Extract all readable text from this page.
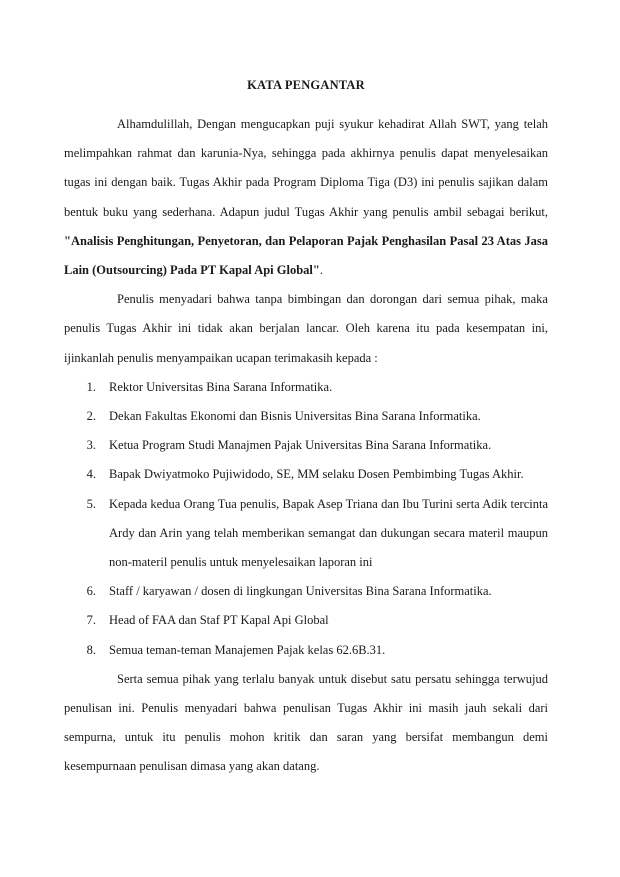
KATA PENGANTAR

Alhamdulillah, Dengan mengucapkan puji syukur kehadirat Allah SWT, yang telah melimpahkan rahmat dan karunia-Nya, sehingga pada akhirnya penulis dapat menyelesaikan tugas ini dengan baik. Tugas Akhir pada Program Diploma Tiga (D3) ini penulis sajikan dalam bentuk buku yang sederhana. Adapun judul Tugas Akhir yang penulis ambil sebagai berikut, "Analisis Penghitungan, Penyetoran, dan Pelaporan Pajak Penghasilan Pasal 23 Atas Jasa Lain (Outsourcing) Pada PT Kapal Api Global".

Penulis menyadari bahwa tanpa bimbingan dan dorongan dari semua pihak, maka penulis Tugas Akhir ini tidak akan berjalan lancar. Oleh karena itu pada kesempatan ini, ijinkanlah penulis menyampaikan ucapan terimakasih kepada :

1. Rektor Universitas Bina Sarana Informatika.
2. Dekan Fakultas Ekonomi dan Bisnis Universitas Bina Sarana Informatika.
3. Ketua Program Studi Manajmen Pajak Universitas Bina Sarana Informatika.
4. Bapak Dwiyatmoko Pujiwidodo, SE, MM selaku Dosen Pembimbing Tugas Akhir.
5. Kepada kedua Orang Tua penulis, Bapak Asep Triana dan Ibu Turini serta Adik tercinta Ardy dan Arin yang telah memberikan semangat dan dukungan secara materil maupun non-materil penulis untuk menyelesaikan laporan ini
6. Staff / karyawan / dosen di lingkungan Universitas Bina Sarana Informatika.
7. Head of FAA dan Staf PT Kapal Api Global
8. Semua teman-teman Manajemen Pajak kelas 62.6B.31.

Serta semua pihak yang terlalu banyak untuk disebut satu persatu sehingga terwujud penulisan ini. Penulis menyadari bahwa penulisan Tugas Akhir ini masih jauh sekali dari sempurna, untuk itu penulis mohon kritik dan saran yang bersifat membangun demi kesempurnaan penulisan dimasa yang akan datang.
